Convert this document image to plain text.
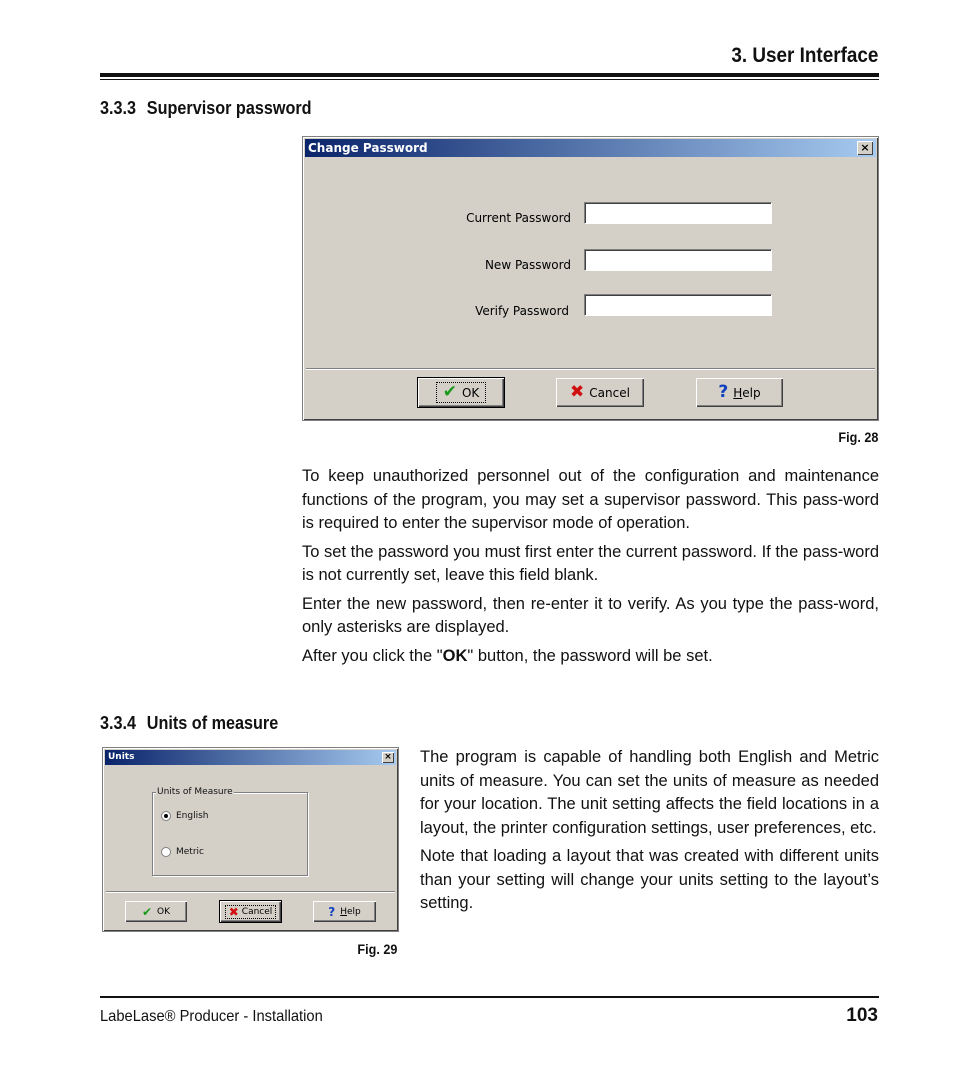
3. User Interface
3.3.3 Supervisor password
Change Password	×
Current Password
New Password
Verify Password
✔ OK	✖ Cancel	? Help
Fig. 28

To keep unauthorized personnel out of the configuration and maintenance functions of the program, you may set a supervisor password. This pass-word is required to enter the supervisor mode of operation.

To set the password you must first enter the current password. If the pass-word is not currently set, leave this field blank.

Enter the new password, then re-enter it to verify. As you type the pass-word, only asterisks are displayed.

After you click the "OK" button, the password will be set.

3.3.4 Units of measure
Units	×
Units of Measure
English
Metric
✔ OK	✖ Cancel	? Help
Fig. 29

The program is capable of handling both English and Metric units of measure. You can set the units of measure as needed for your location. The unit setting affects the field locations in a layout, the printer configuration settings, user preferences, etc.

Note that loading a layout that was created with different units than your setting will change your units setting to the layout’s setting.

LabeLase® Producer - Installation	103
